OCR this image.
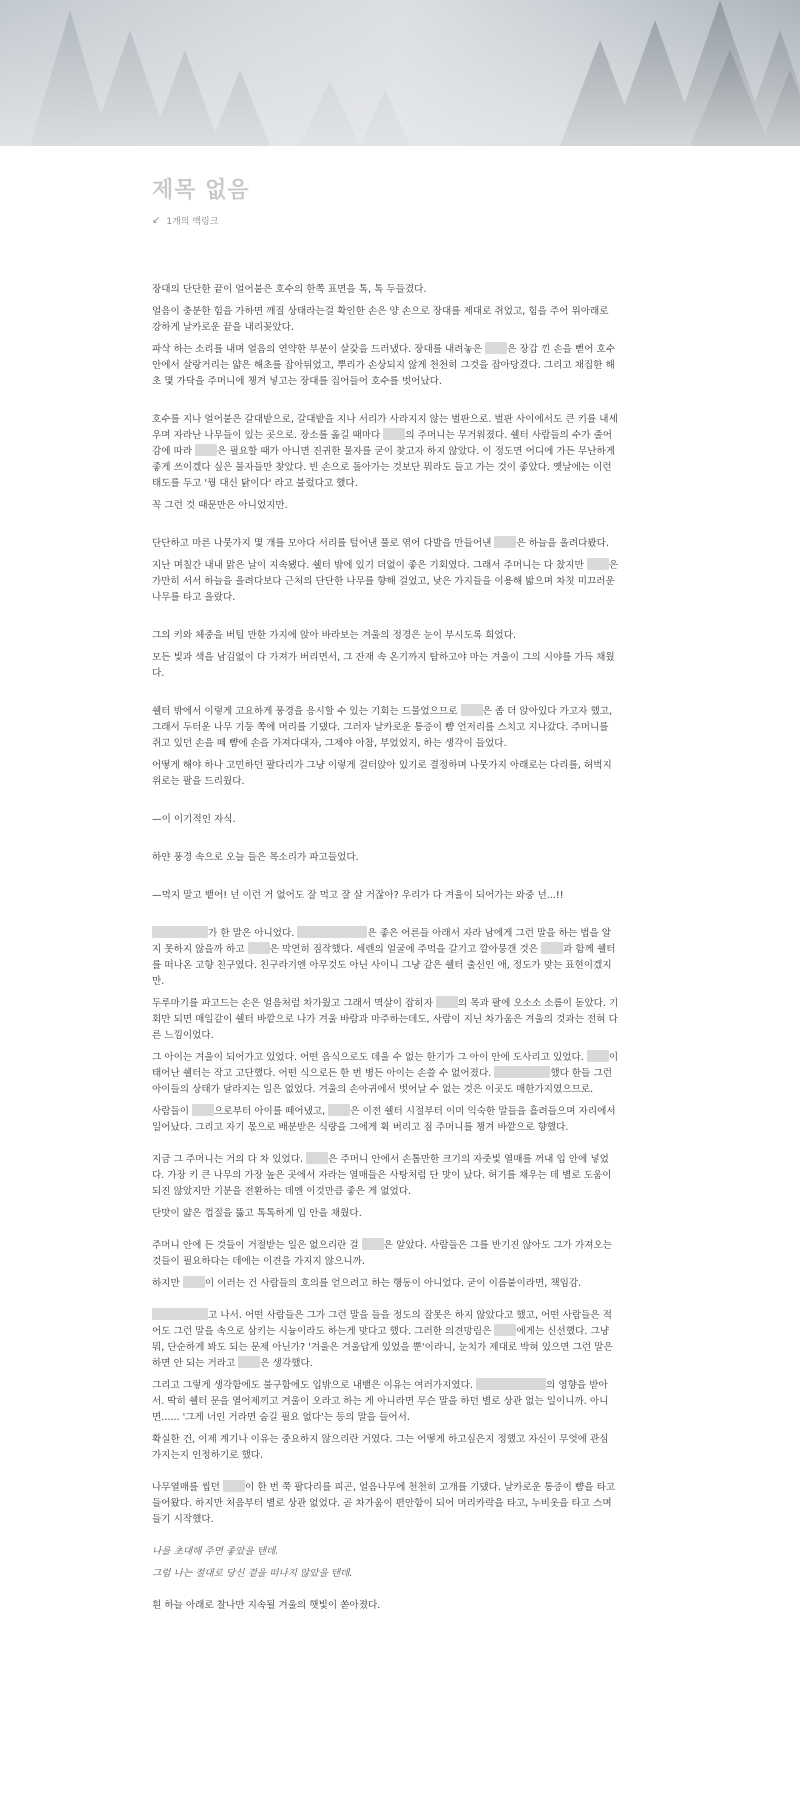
제목 없음
↙ 1개의 백링크

장대의 단단한 끝이 얼어붙은 호수의 한쪽 표면을 톡, 톡 두들겼다.

얼음이 충분한 힘을 가하면 깨질 상태라는걸 확인한 손은 양 손으로 장대를 제대로 쥐었고, 힘을 주어 위아래로 강하게 날카로운 끝을 내리꽂았다.

파삭 하는 소리를 내며 얼음의 연약한 부분이 살갗을 드러냈다. 장대를 내려놓은	은 장갑 낀 손을 뻗어 호수 안에서 살랑거리는 얇은 해초를 잡아뒤었고, 뿌리가 손상되지 않게 천천히 그것을 잡아당겼다. 그리고 채집한 해초 몇 가닥을 주머니에 챙겨 넣고는 장대를 집어들어 호수를 벗어났다.

호수를 지나 얼어붙은 갈대밭으로, 갈대밭을 지나 서리가 사라지지 않는 벌판으로. 벌판 사이에서도 큰 키를 내세우며 자라난 나무들이 있는 곳으로. 장소를 옮길 때마다	의 주머니는 무거워졌다. 쉘터 사람들의 수가 줄어감에 따라	은 필요할 때가 아니면 진귀한 물자를 굳이 찾고자 하지 않았다. 이 정도면 어디에 가든 무난하게 좋게 쓰이겠다 싶은 물자들만 찾았다. 빈 손으로 돌아가는 것보단 뭐라도 들고 가는 것이 좋았다. 옛날에는 이런 태도를 두고 '꿩 대신 닭이다' 라고 불렀다고 했다.

꼭 그런 것 때문만은 아니었지만.

단단하고 마른 나뭇가지 몇 개를 모아다 서리를 털어낸 풀로 엮어 다발을 만들어낸	은 하늘을 올려다봤다.

지난 며칠간 내내 맑은 날이 지속됐다. 쉘터 밖에 있기 더없이 좋은 기회였다. 그래서 주머니는 다 찼지만	은 가만히 서서 하늘을 올려다보다 근처의 단단한 나무를 향해 걸었고, 낮은 가지들을 이용해 밟으며 차칫 미끄러운 나무를 타고 올랐다.

그의 키와 체중을 버틸 만한 가지에 앉아 바라보는 겨울의 정경은 눈이 부시도록 희었다.

모든 빛과 색을 남김없이 다 가져가 버리면서, 그 잔재 속 온기까지 탐하고야 마는 겨울이 그의 시야를 가득 채웠다.

쉘터 밖에서 이렇게 고요하게 풍경을 응시할 수 있는 기회는 드물었으므로	은 좀 더 앉아있다 가고자 했고, 그래서 두터운 나무 기둥 쪽에 머리를 기댔다. 그러자 날카로운 통증이 뺨 언저리를 스치고 지나갔다. 주머니를 쥐고 있던 손을 떼 뺨에 손을 가져다대자, 그제야 아참, 부었었지, 하는 생각이 들었다.

어떻게 해야 하나 고민하던 팔다리가 그냥 이렇게 걸터앉아 있기로 결정하며 나뭇가지 아래로는 다리를, 허벅지 위로는 팔을 드리웠다.

—이 이기적인 자식.

하얀 풍경 속으로 오늘 들은 목소리가 파고들었다.

—먹지 말고 뱉어! 넌 이런 거 없어도 잘 먹고 잘 살 거잖아? 우리가 다 겨울이 되어가는 와중 넌...!!

가 한 말은 아니었다.	은 좋은 어른들 아래서 자라 남에게 그런 말을 하는 법을 알지 못하지 않을까 하고	은 막연히 짐작했다. 세렌의 얼굴에 주먹을 갈기고 깔아뭉갠 것은	과 함께 쉘터를 떠나온 고향 친구였다. 친구라기엔 아무것도 아닌 사이니 그냥 같은 쉘터 출신인 애, 정도가 맞는 표현이겠지만.

두루마기를 파고드는 손은 얼음처럼 차가웠고 그래서 멱살이 잡히자	의 목과 팔에 오소소 소름이 돋았다. 기회만 되면 매일같이 쉘터 바깥으로 나가 겨울 바람과 마주하는데도, 사람이 지닌 차가움은 겨울의 것과는 전혀 다른 느낌이었다.

그 아이는 겨울이 되어가고 있었다. 어떤 음식으로도 데울 수 없는 한기가 그 아이 안에 도사리고 있었다.	이 태어난 쉘터는 작고 고단했다. 어떤 식으로든 한 번 병든 아이는 손쓸 수 없어졌다.	했다 한들 그런 아이들의 상태가 달라지는 일은 없었다. 겨울의 손아귀에서 벗어날 수 없는 것은 이곳도 매한가지였으므로.

사람들이	으로부터 아이를 떼어냈고,	은 이전 쉘터 시절부터 이미 익숙한 말들을 흘려들으며 자리에서 일어났다. 그리고 자기 몫으로 배분받은 식량을 그에게 휙 버리고 짐 주머니를 챙겨 바깥으로 향했다.

지금 그 주머니는 거의 다 차 있었다.	은 주머니 안에서 손톱만한 크기의 자줏빛 열매를 꺼내 입 안에 넣었다. 가장 키 큰 나무의 가장 높은 곳에서 자라는 열매들은 사탕처럼 단 맛이 났다. 허기를 채우는 데 별로 도움이 되진 않았지만 기분을 전환하는 데엔 이것만큼 좋은 게 없었다.

단맛이 얇은 껍질을 뚫고 톡톡하게 입 안을 채웠다.

주머니 안에 든 것들이 거절받는 일은 없으리란 걸	은 알았다. 사람들은 그를 반기진 않아도 그가 가져오는 것들이 필요하다는 데에는 이견을 가지지 않으니까.

하지만	이 이러는 건 사람들의 호의를 얻으려고 하는 행동이 아니었다. 굳이 이름붙이라면, 책임감.

고 나서. 어떤 사람들은 그가 그런 말을 들을 정도의 잘못은 하지 않았다고 했고, 어떤 사람들은 적어도 그런 말을 속으로 삼키는 시늉이라도 하는게 맞다고 했다. 그러한 의견망림은	에게는 신선했다. 그냥 뭐, 단순하게 봐도 되는 문제 아닌가? '겨울은 겨울답게 있었을 뿐'이라니, 눈치가 제대로 박혀 있으면 그런 말은 하면 안 되는 거라고	은 생각했다.

그리고 그렇게 생각함에도 불구함에도 입밖으로 내뱉은 이유는 여러가지였다.	의 영향을 받아서. 딱히 쉘터 문을 열어제끼고 겨울이 오라고 하는 게 아니라면 무슨 말을 하던 별로 상관 없는 일이니까. 아니면...... '그게 너인 거라면 숨길 필요 없다'는 등의 말을 들어서.

확실한 건, 이제 계기나 이유는 중요하지 않으리란 거였다. 그는 어떻게 하고싶은지 정했고 자신이 무엇에 관심 가지는지 인정하기로 했다.

나무열매를 씹던	이 한 번 쭉 팔다리를 피곤, 얼음나무에 천천히 고개를 기댔다. 날카로운 통증이 뺨을 타고 들어왔다. 하지만 처음부터 별로 상관 없었다. 곧 차가움이 편안함이 되어 머리카락을 타고, 누비옷을 타고 스며들기 시작했다.

나를 초대해 주면 좋았을 텐데.

그럼 나는 절대로 당신 곁을 떠나지 않았을 텐데.

흰 하늘 아래로 찰나만 지속될 겨울의 햇빛이 쏟아졌다.
